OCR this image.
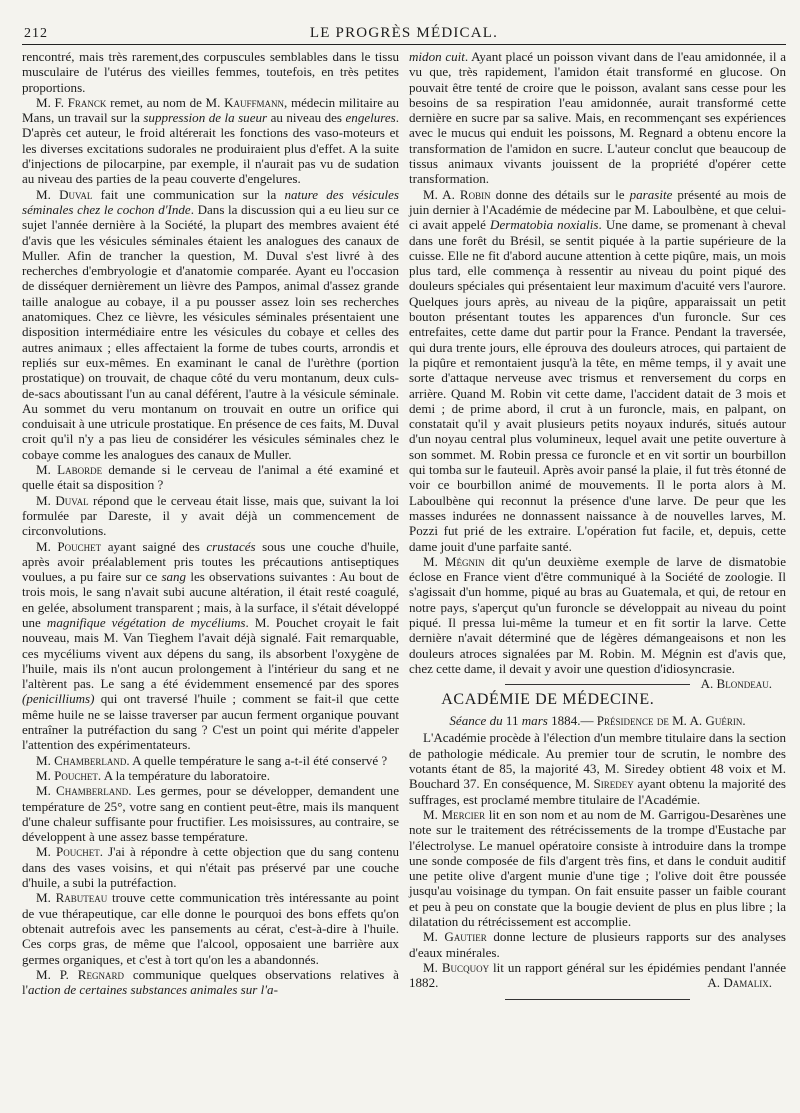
212	LE PROGRÈS MÉDICAL.

rencontré, mais très rarement,des corpuscules semblables dans le tissu musculaire de l'utérus des vieilles femmes, toutefois, en très petites proportions.

M. F. Franck remet, au nom de M. Kauffmann, médecin militaire au Mans, un travail sur la suppression de la sueur au niveau des engelures. D'après cet auteur, le froid altérerait les fonctions des vaso-moteurs et les diverses excitations sudorales ne produiraient plus d'effet. A la suite d'injections de pilocarpine, par exemple, il n'aurait pas vu de sudation au niveau des parties de la peau couverte d'engelures.

M. Duval fait une communication sur la nature des vésicules séminales chez le cochon d'Inde. Dans la discussion qui a eu lieu sur ce sujet l'année dernière à la Société, la plupart des membres avaient été d'avis que les vésicules séminales étaient les analogues des canaux de Muller. Afin de trancher la question, M. Duval s'est livré à des recherches d'embryologie et d'anatomie comparée. Ayant eu l'occasion de disséquer dernièrement un lièvre des Pampos, animal d'assez grande taille analogue au cobaye, il a pu pousser assez loin ses recherches anatomiques. Chez ce lièvre, les vésicules séminales présentaient une disposition intermédiaire entre les vésicules du cobaye et celles des autres animaux ; elles affectaient la forme de tubes courts, arrondis et repliés sur eux-mêmes. En examinant le canal de l'urèthre (portion prostatique) on trouvait, de chaque côté du veru montanum, deux culs-de-sacs aboutissant l'un au canal déférent, l'autre à la vésicule séminale. Au sommet du veru montanum on trouvait en outre un orifice qui conduisait à une utricule prostatique. En présence de ces faits, M. Duval croit qu'il n'y a pas lieu de considérer les vésicules séminales chez le cobaye comme les analogues des canaux de Muller.

M. Laborde demande si le cerveau de l'animal a été examiné et quelle était sa disposition ?

M. Duval répond que le cerveau était lisse, mais que, suivant la loi formulée par Dareste, il y avait déjà un commencement de circonvolutions.

M. Pouchet ayant saigné des crustacés sous une couche d'huile, après avoir préalablement pris toutes les précautions antiseptiques voulues, a pu faire sur ce sang les observations suivantes : Au bout de trois mois, le sang n'avait subi aucune altération, il était resté coagulé, en gelée, absolument transparent ; mais, à la surface, il s'était développé une magnifique végétation de mycéliums. M. Pouchet croyait le fait nouveau, mais M. Van Tieghem l'avait déjà signalé. Fait remarquable, ces mycéliums vivent aux dépens du sang, ils absorbent l'oxygène de l'huile, mais ils n'ont aucun prolongement à l'intérieur du sang et ne l'altèrent pas. Le sang a été évidemment ensemencé par des spores (penicilliums) qui ont traversé l'huile ; comment se fait-il que cette même huile ne se laisse traverser par aucun ferment organique pouvant entraîner la putréfaction du sang ? C'est un point qui mérite d'appeler l'attention des expérimentateurs.

M. Chamberland. A quelle température le sang a-t-il été conservé ?

M. Pouchet. A la température du laboratoire.

M. Chamberland. Les germes, pour se développer, demandent une température de 25°, votre sang en contient peut-être, mais ils manquent d'une chaleur suffisante pour fructifier. Les moisissures, au contraire, se développent à une assez basse température.

M. Pouchet. J'ai à répondre à cette objection que du sang contenu dans des vases voisins, et qui n'était pas préservé par une couche d'huile, a subi la putréfaction.

M. Rabuteau trouve cette communication très intéressante au point de vue thérapeutique, car elle donne le pourquoi des bons effets qu'on obtenait autrefois avec les pansements au cérat, c'est-à-dire à l'huile. Ces corps gras, de même que l'alcool, opposaient une barrière aux germes organiques, et c'est à tort qu'on les a abandonnés.

M. P. Regnard communique quelques observations relatives à l'action de certaines substances animales sur l'a-

midon cuit. Ayant placé un poisson vivant dans de l'eau amidonnée, il a vu que, très rapidement, l'amidon était transformé en glucose. On pouvait être tenté de croire que le poisson, avalant sans cesse pour les besoins de sa respiration l'eau amidonnée, aurait transformé cette dernière en sucre par sa salive. Mais, en recommençant ses expériences avec le mucus qui enduit les poissons, M. Regnard a obtenu encore la transformation de l'amidon en sucre. L'auteur conclut que beaucoup de tissus animaux vivants jouissent de la propriété d'opérer cette transformation.

M. A. Robin donne des détails sur le parasite présenté au mois de juin dernier à l'Académie de médecine par M. Laboulbène, et que celui-ci avait appelé Dermatobia noxialis. Une dame, se promenant à cheval dans une forêt du Brésil, se sentit piquée à la partie supérieure de la cuisse. Elle ne fit d'abord aucune attention à cette piqûre, mais, un mois plus tard, elle commença à ressentir au niveau du point piqué des douleurs spéciales qui présentaient leur maximum d'acuité vers l'aurore. Quelques jours après, au niveau de la piqûre, apparaissait un petit bouton présentant toutes les apparences d'un furoncle. Sur ces entrefaites, cette dame dut partir pour la France. Pendant la traversée, qui dura trente jours, elle éprouva des douleurs atroces, qui partaient de la piqûre et remontaient jusqu'à la tête, en même temps, il y avait une sorte d'attaque nerveuse avec trismus et renversement du corps en arrière. Quand M. Robin vit cette dame, l'accident datait de 3 mois et demi ; de prime abord, il crut à un furoncle, mais, en palpant, on constatait qu'il y avait plusieurs petits noyaux indurés, situés autour d'un noyau central plus volumineux, lequel avait une petite ouverture à son sommet. M. Robin pressa ce furoncle et en vit sortir un bourbillon qui tomba sur le fauteuil. Après avoir pansé la plaie, il fut très étonné de voir ce bourbillon animé de mouvements. Il le porta alors à M. Laboulbène qui reconnut la présence d'une larve. De peur que les masses indurées ne donnassent naissance à de nouvelles larves, M. Pozzi fut prié de les extraire. L'opération fut facile, et, depuis, cette dame jouit d'une parfaite santé.

M. Mégnin dit qu'un deuxième exemple de larve de dismatobie éclose en France vient d'être communiqué à la Société de zoologie. Il s'agissait d'un homme, piqué au bras au Guatemala, et qui, de retour en notre pays, s'aperçut qu'un furoncle se développait au niveau du point piqué. Il pressa lui-même la tumeur et en fit sortir la larve. Cette dernière n'avait déterminé que de légères démangeaisons et non les douleurs atroces signalées par M. Robin. M. Mégnin est d'avis que, chez cette dame, il devait y avoir une question d'idiosyncrasie.
A. Blondeau.

ACADÉMIE DE MÉDECINE.
Séance du 11 mars 1884.— Présidence de M. A. Guérin.

L'Académie procède à l'élection d'un membre titulaire dans la section de pathologie médicale. Au premier tour de scrutin, le nombre des votants étant de 85, la majorité 43, M. Siredey obtient 48 voix et M. Bouchard 37. En conséquence, M. Siredey ayant obtenu la majorité des suffrages, est proclamé membre titulaire de l'Académie.

M. Mercier lit en son nom et au nom de M. Garrigou-Desarènes une note sur le traitement des rétrécissements de la trompe d'Eustache par l'électrolyse. Le manuel opératoire consiste à introduire dans la trompe une sonde composée de fils d'argent très fins, et dans le conduit auditif une petite olive d'argent munie d'une tige ; l'olive doit être poussée jusqu'au voisinage du tympan. On fait ensuite passer un faible courant et peu à peu on constate que la bougie devient de plus en plus libre ; la dilatation du rétrécissement est accomplie.

M. Gautier donne lecture de plusieurs rapports sur des analyses d'eaux minérales.

M. Bucquoy lit un rapport général sur les épidémies pendant l'année 1882.	A. Damalix.
